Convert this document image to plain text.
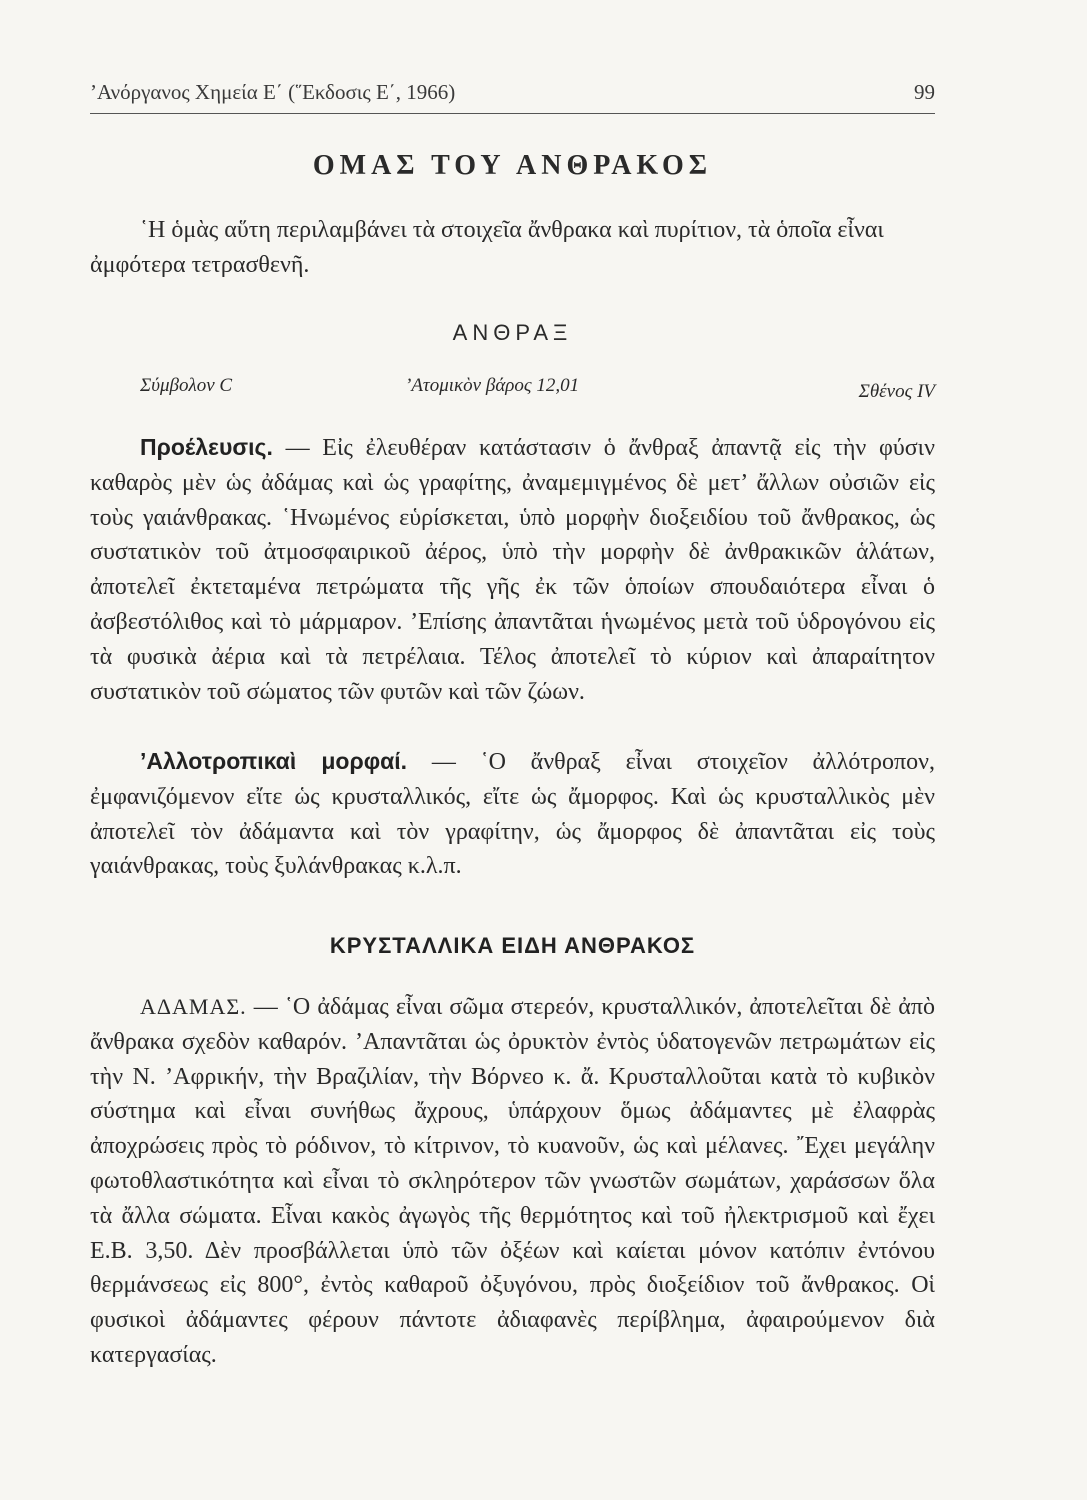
’Ανόργανος Χημεία Ε΄ (῞Εκδοσις Ε΄, 1966)	99
ΟΜΑΣ ΤΟΥ ΑΝΘΡΑΚΟΣ

῾Η ὁμὰς αὕτη περιλαμβάνει τὰ στοιχεῖα ἄνθρακα καὶ πυρίτιον, τὰ ὁποῖα εἶναι ἀμφότερα τετρασθενῆ.

ΑΝΘΡΑΞ
Σύμβολον C	’Ατομικὸν βάρος 12,01	Σθένος IV

Προέλευσις. — Εἰς ἐλευθέραν κατάστασιν ὁ ἄνθραξ ἀπαντᾷ εἰς τὴν φύσιν καθαρὸς μὲν ὡς ἀδάμας καὶ ὡς γραφίτης, ἀναμεμιγμένος δὲ μετ’ ἄλλων οὐσιῶν εἰς τοὺς γαιάνθρακας. ῾Ηνωμένος εὑρίσκεται, ὑπὸ μορφὴν διοξειδίου τοῦ ἄνθρακος, ὡς συστατικὸν τοῦ ἀτμοσφαιρικοῦ ἀέρος, ὑπὸ τὴν μορφὴν δὲ ἀνθρακικῶν ἁλάτων, ἀποτελεῖ ἐκτεταμένα πετρώματα τῆς γῆς ἐκ τῶν ὁποίων σπουδαιότερα εἶναι ὁ ἀσβεστόλιθος καὶ τὸ μάρμαρον. ’Επίσης ἀπαντᾶται ἡνωμένος μετὰ τοῦ ὑδρογόνου εἰς τὰ φυσικὰ ἀέρια καὶ τὰ πετρέλαια. Τέλος ἀποτελεῖ τὸ κύριον καὶ ἀπαραίτητον συστατικὸν τοῦ σώματος τῶν φυτῶν καὶ τῶν ζώων.

’Αλλοτροπικαὶ μορφαί. — ῾Ο ἄνθραξ εἶναι στοιχεῖον ἀλλότροπον, ἐμφανιζόμενον εἴτε ὡς κρυσταλλικός, εἴτε ὡς ἄμορφος. Καὶ ὡς κρυσταλλικὸς μὲν ἀποτελεῖ τὸν ἀδάμαντα καὶ τὸν γραφίτην, ὡς ἄμορφος δὲ ἀπαντᾶται εἰς τοὺς γαιάνθρακας, τοὺς ξυλάνθρακας κ.λ.π.

ΚΡΥΣΤΑΛΛΙΚΑ ΕΙΔΗ ΑΝΘΡΑΚΟΣ

ΑΔΑΜΑΣ. — ῾Ο ἀδάμας εἶναι σῶμα στερεόν, κρυσταλλικόν, ἀποτελεῖται δὲ ἀπὸ ἄνθρακα σχεδὸν καθαρόν. ’Απαντᾶται ὡς ὀρυκτὸν ἐντὸς ὑδατογενῶν πετρωμάτων εἰς τὴν Ν. ’Αφρικήν, τὴν Βραζιλίαν, τὴν Βόρνεο κ. ἄ. Κρυσταλλοῦται κατὰ τὸ κυβικὸν σύστημα καὶ εἶναι συνήθως ἄχρους, ὑπάρχουν ὅμως ἀδάμαντες μὲ ἐλαφρὰς ἀποχρώσεις πρὸς τὸ ρόδινον, τὸ κίτρινον, τὸ κυανοῦν, ὡς καὶ μέλανες. ῎Εχει μεγάλην φωτοθλαστικότητα καὶ εἶναι τὸ σκληρότερον τῶν γνωστῶν σωμάτων, χαράσσων ὅλα τὰ ἄλλα σώματα. Εἶναι κακὸς ἀγωγὸς τῆς θερμότητος καὶ τοῦ ἠλεκτρισμοῦ καὶ ἔχει Ε.Β. 3,50. Δὲν προσβάλλεται ὑπὸ τῶν ὀξέων καὶ καίεται μόνον κατόπιν ἐντόνου θερμάνσεως εἰς 800°, ἐντὸς καθαροῦ ὀξυγόνου, πρὸς διοξείδιον τοῦ ἄνθρακος. Οἱ φυσικοὶ ἀδάμαντες φέρουν πάντοτε ἀδιαφανὲς περίβλημα, ἀφαιρούμενον διὰ κατεργασίας.
